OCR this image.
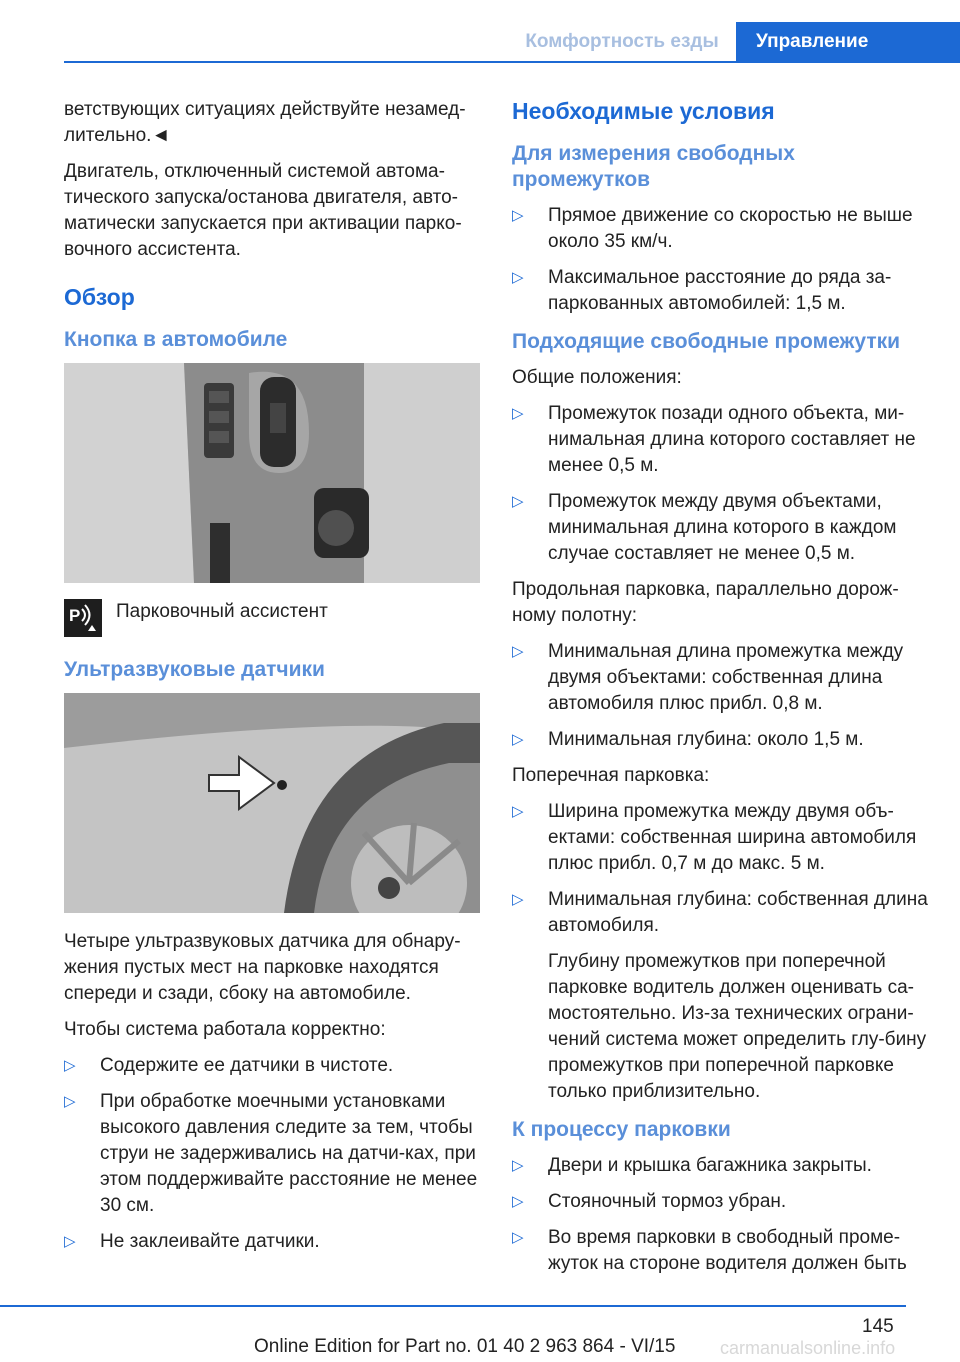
Комфортность езды	Управление

ветствующих ситуациях действуйте незамед-лительно.◄

Двигатель, отключенный системой автома-тического запуска/останова двигателя, авто-матически запускается при активации парко-вочного ассистента.

Обзор
Кнопка в автомобиле
P Парковочный ассистент
Ультразвуковые датчики

Четыре ультразвуковых датчика для обнару-жения пустых мест на парковке находятся спереди и сзади, сбоку на автомобиле.

Чтобы система работала корректно:

▷ Содержите ее датчики в чистоте.
▷ При обработке моечными установками высокого давления следите за тем, чтобы струи не задерживались на датчи-ках, при этом поддерживайте расстояние не менее 30 см.
▷ Не заклеивайте датчики.
Необходимые условия
Для измерения свободных промежутков
▷ Прямое движение со скоростью не выше около 35 км/ч.
▷ Максимальное расстояние до ряда за-паркованных автомобилей: 1,5 м.
Подходящие свободные промежутки

Общие положения:

▷ Промежуток позади одного объекта, ми-нимальная длина которого составляет не менее 0,5 м.
▷ Промежуток между двумя объектами, минимальная длина которого в каждом случае составляет не менее 0,5 м.

Продольная парковка, параллельно дорож-ному полотну:

▷ Минимальная длина промежутка между двумя объектами: собственная длина автомобиля плюс прибл. 0,8 м.
▷ Минимальная глубина: около 1,5 м.

Поперечная парковка:

▷ Ширина промежутка между двумя объ-ектами: собственная ширина автомобиля плюс прибл. 0,7 м до макс. 5 м.
▷ Минимальная глубина: собственная длина автомобиля.

Глубину промежутков при поперечной парковке водитель должен оценивать са-мостоятельно. Из-за технических ограни-чений система может определить глу-бину промежутков при поперечной парковке только приблизительно.

К процессу парковки
▷ Двери и крышка багажника закрыты.
▷ Стояночный тормоз убран.
▷ Во время парковки в свободный проме-жуток на стороне водителя должен быть
145
Online Edition for Part no. 01 40 2 963 864 - VI/15 carmanualsonline.info
